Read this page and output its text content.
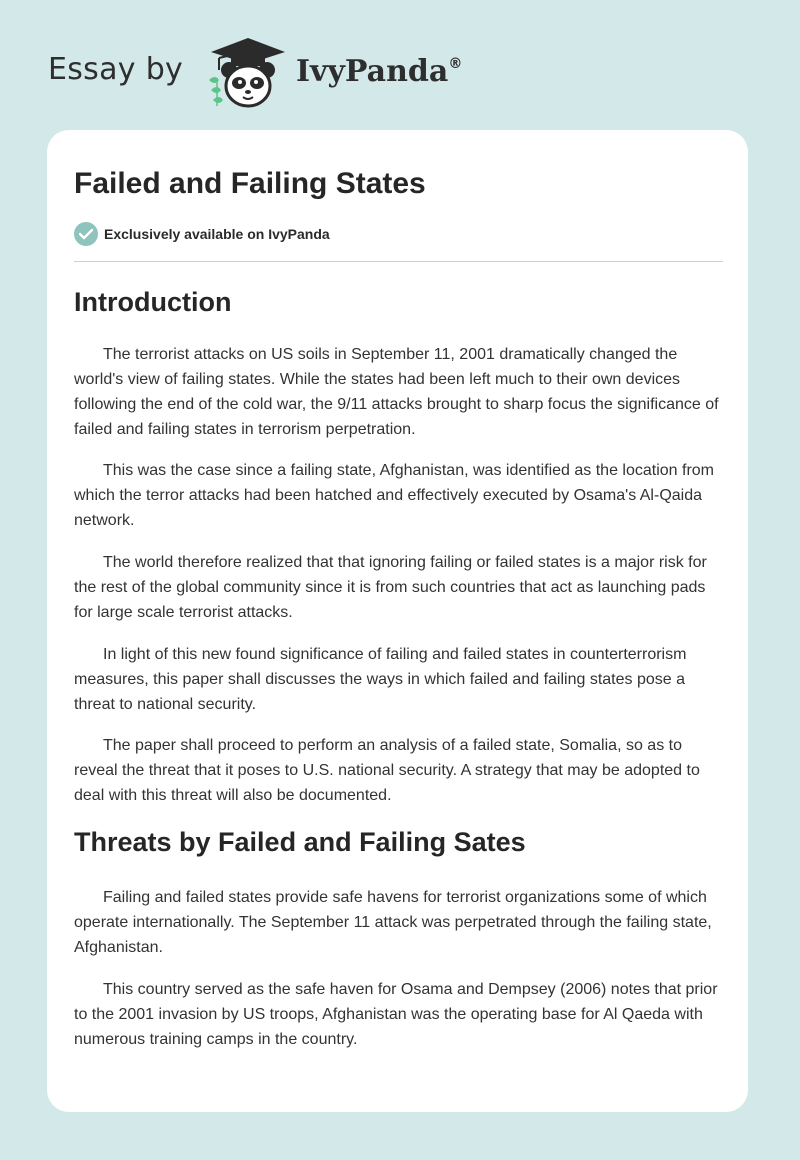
Essay by	IvyPanda®
Failed and Failing States
Exclusively available on IvyPanda
Introduction

The terrorist attacks on US soils in September 11, 2001 dramatically changed the world's view of failing states. While the states had been left much to their own devices following the end of the cold war, the 9/11 attacks brought to sharp focus the significance of failed and failing states in terrorism perpetration.

This was the case since a failing state, Afghanistan, was identified as the location from which the terror attacks had been hatched and effectively executed by Osama's Al-Qaida network.

The world therefore realized that that ignoring failing or failed states is a major risk for the rest of the global community since it is from such countries that act as launching pads for large scale terrorist attacks.

In light of this new found significance of failing and failed states in counterterrorism measures, this paper shall discusses the ways in which failed and failing states pose a threat to national security.

The paper shall proceed to perform an analysis of a failed state, Somalia, so as to reveal the threat that it poses to U.S. national security. A strategy that may be adopted to deal with this threat will also be documented.

Threats by Failed and Failing Sates

Failing and failed states provide safe havens for terrorist organizations some of which operate internationally. The September 11 attack was perpetrated through the failing state, Afghanistan.

This country served as the safe haven for Osama and Dempsey (2006) notes that prior to the 2001 invasion by US troops, Afghanistan was the operating base for Al Qaeda with numerous training camps in the country.
